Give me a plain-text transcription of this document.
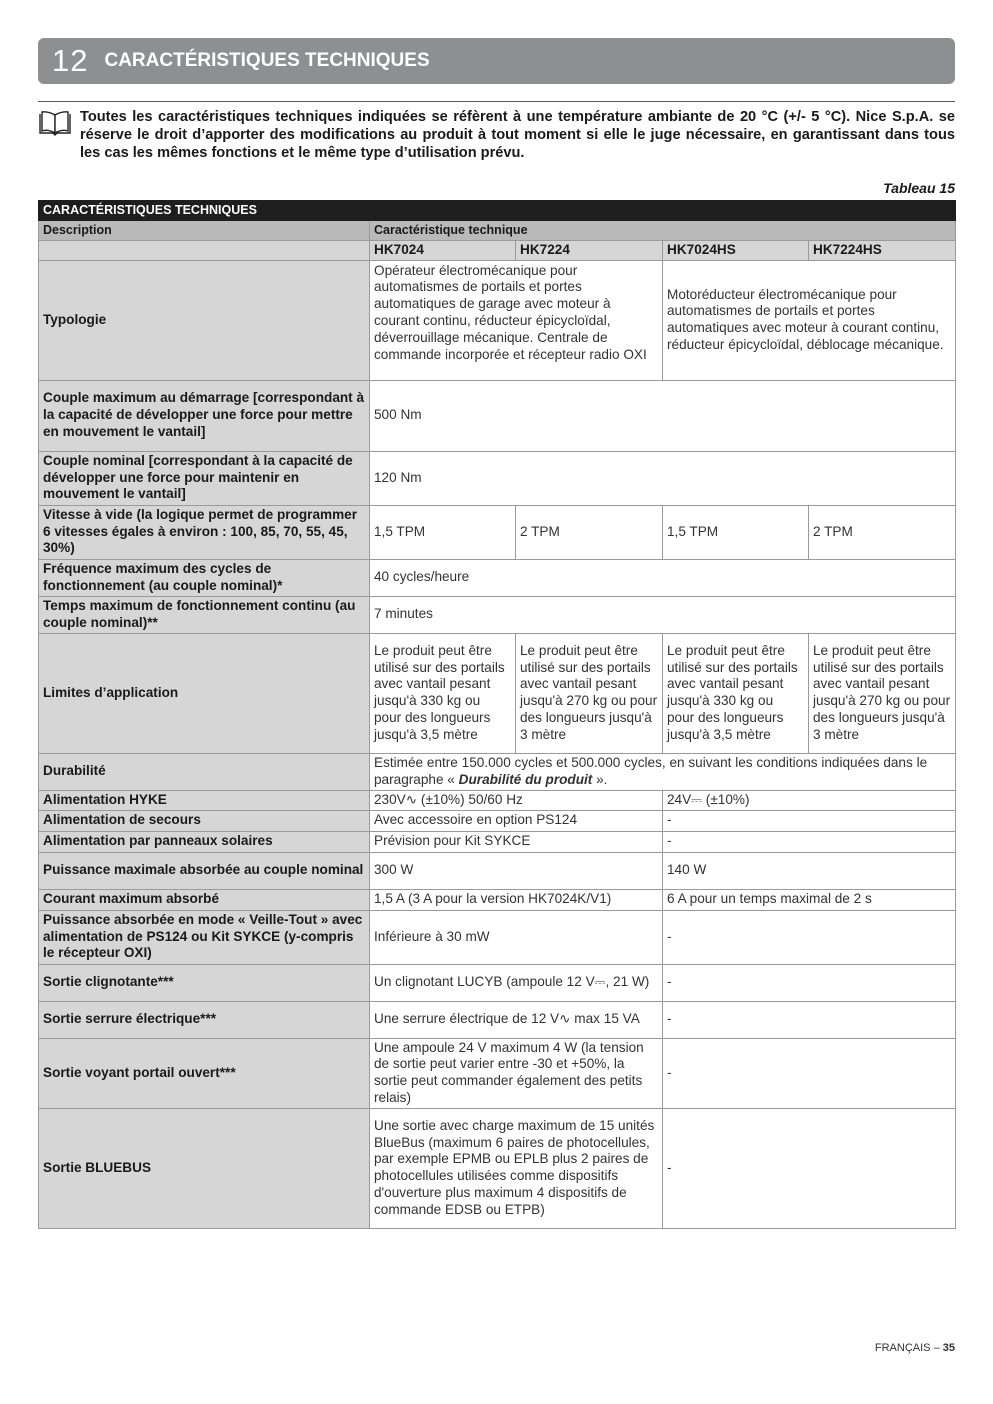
12 CARACTÉRISTIQUES TECHNIQUES

Toutes les caractéristiques techniques indiquées se réfèrent à une température ambiante de 20 °C (+/- 5 °C). Nice S.p.A. se réserve le droit d’apporter des modifications au produit à tout moment si elle le juge nécessaire, en garantissant dans tous les cas les mêmes fonctions et le même type d’utilisation prévu.

Tableau 15
CARACTÉRISTIQUES TECHNIQUES				
Description	Caractéristique technique			
	HK7024	HK7224	HK7024HS	HK7224HS
Typologie	Opérateur électromécanique pour automatismes de portails et portes automatiques de garage avec moteur à courant continu, réducteur épicycloïdal, déverrouillage mécanique. Centrale de commande incorporée et récepteur radio OXI		Motoréducteur électromécanique pour automatismes de portails et portes automatiques avec moteur à courant continu, réducteur épicycloïdal, déblocage mécanique.	
Couple maximum au démarrage [correspondant à la capacité de développer une force pour mettre en mouvement le vantail]	500 Nm			
Couple nominal [correspondant à la capacité de développer une force pour maintenir en mouvement le vantail]	120 Nm			
Vitesse à vide (la logique permet de programmer 6 vitesses égales à environ : 100, 85, 70, 55, 45, 30%)	1,5 TPM	2 TPM	1,5 TPM	2 TPM
Fréquence maximum des cycles de fonctionnement (au couple nominal)*	40 cycles/heure			
Temps maximum de fonctionnement continu (au couple nominal)**	7 minutes			
Limites d’application	Le produit peut être utilisé sur des portails avec vantail pesant jusqu'à 330 kg ou pour des longueurs jusqu'à 3,5 mètre	Le produit peut être utilisé sur des portails avec vantail pesant jusqu'à 270 kg ou pour des longueurs jusqu'à 3 mètre	Le produit peut être utilisé sur des portails avec vantail pesant jusqu'à 330 kg ou pour des longueurs jusqu'à 3,5 mètre	Le produit peut être utilisé sur des portails avec vantail pesant jusqu'à 270 kg ou pour des longueurs jusqu'à 3 mètre
Durabilité	Estimée entre 150.000 cycles et 500.000 cycles, en suivant les conditions indiquées dans le paragraphe « Durabilité du produit ».			
Alimentation HYKE	230V∿ (±10%) 50/60 Hz		24V⎓ (±10%)	
Alimentation de secours	Avec accessoire en option PS124		-	
Alimentation par panneaux solaires	Prévision pour Kit SYKCE		-	
Puissance maximale absorbée au couple nominal	300 W		140 W	
Courant maximum absorbé	1,5 A (3 A pour la version HK7024K/V1)		6 A pour un temps maximal de 2 s	
Puissance absorbée en mode « Veille-Tout » avec alimentation de PS124 ou Kit SYKCE (y-compris le récepteur OXI)	Inférieure à 30 mW		-	
Sortie clignotante***	Un clignotant LUCYB (ampoule 12 V⎓, 21 W)		-	
Sortie serrure électrique***	Une serrure électrique de 12 V∿ max 15 VA		-	
Sortie voyant portail ouvert***	Une ampoule 24 V maximum 4 W (la tension de sortie peut varier entre -30 et +50%, la sortie peut commander également des petits relais)		-	
Sortie BLUEBUS	Une sortie avec charge maximum de 15 unités BlueBus (maximum 6 paires de photocellules, par exemple EPMB ou EPLB plus 2 paires de photocellules utilisées comme dispositifs d'ouverture plus maximum 4 dispositifs de commande EDSB ou ETPB)		-	
FRANÇAIS – 35
